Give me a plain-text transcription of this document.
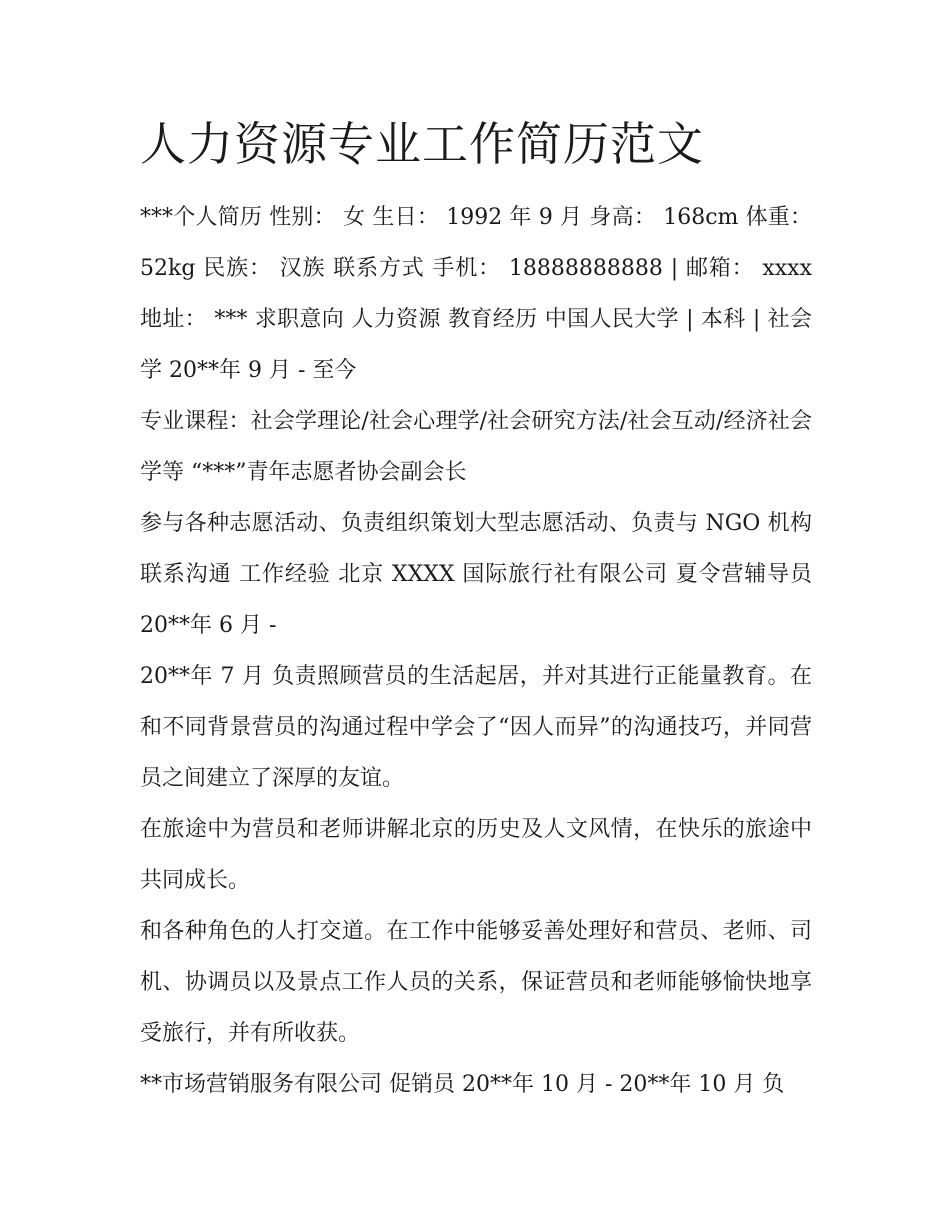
人力资源专业工作简历范文

***个人简历 性别： 女 生日： 1992 年 9 月 身高： 168cm 体重： 52kg 民族： 汉族 联系方式 手机： 18888888888 | 邮箱： xxxx 地址： *** 求职意向 人力资源 教育经历 中国人民大学 | 本科 | 社会学 20**年 9 月 - 至今

专业课程：社会学理论/社会心理学/社会研究方法/社会互动/经济社会学等 “***”青年志愿者协会副会长

参与各种志愿活动、负责组织策划大型志愿活动、负责与 NGO 机构联系沟通 工作经验 北京 XXXX 国际旅行社有限公司 夏令营辅导员 20**年 6 月 -

20**年 7 月 负责照顾营员的生活起居，并对其进行正能量教育。在和不同背景营员的沟通过程中学会了“因人而异”的沟通技巧，并同营员之间建立了深厚的友谊。

在旅途中为营员和老师讲解北京的历史及人文风情，在快乐的旅途中共同成长。

和各种角色的人打交道。在工作中能够妥善处理好和营员、老师、司机、协调员以及景点工作人员的关系，保证营员和老师能够愉快地享受旅行，并有所收获。

**市场营销服务有限公司 促销员 20**年 10 月 - 20**年 10 月 负
